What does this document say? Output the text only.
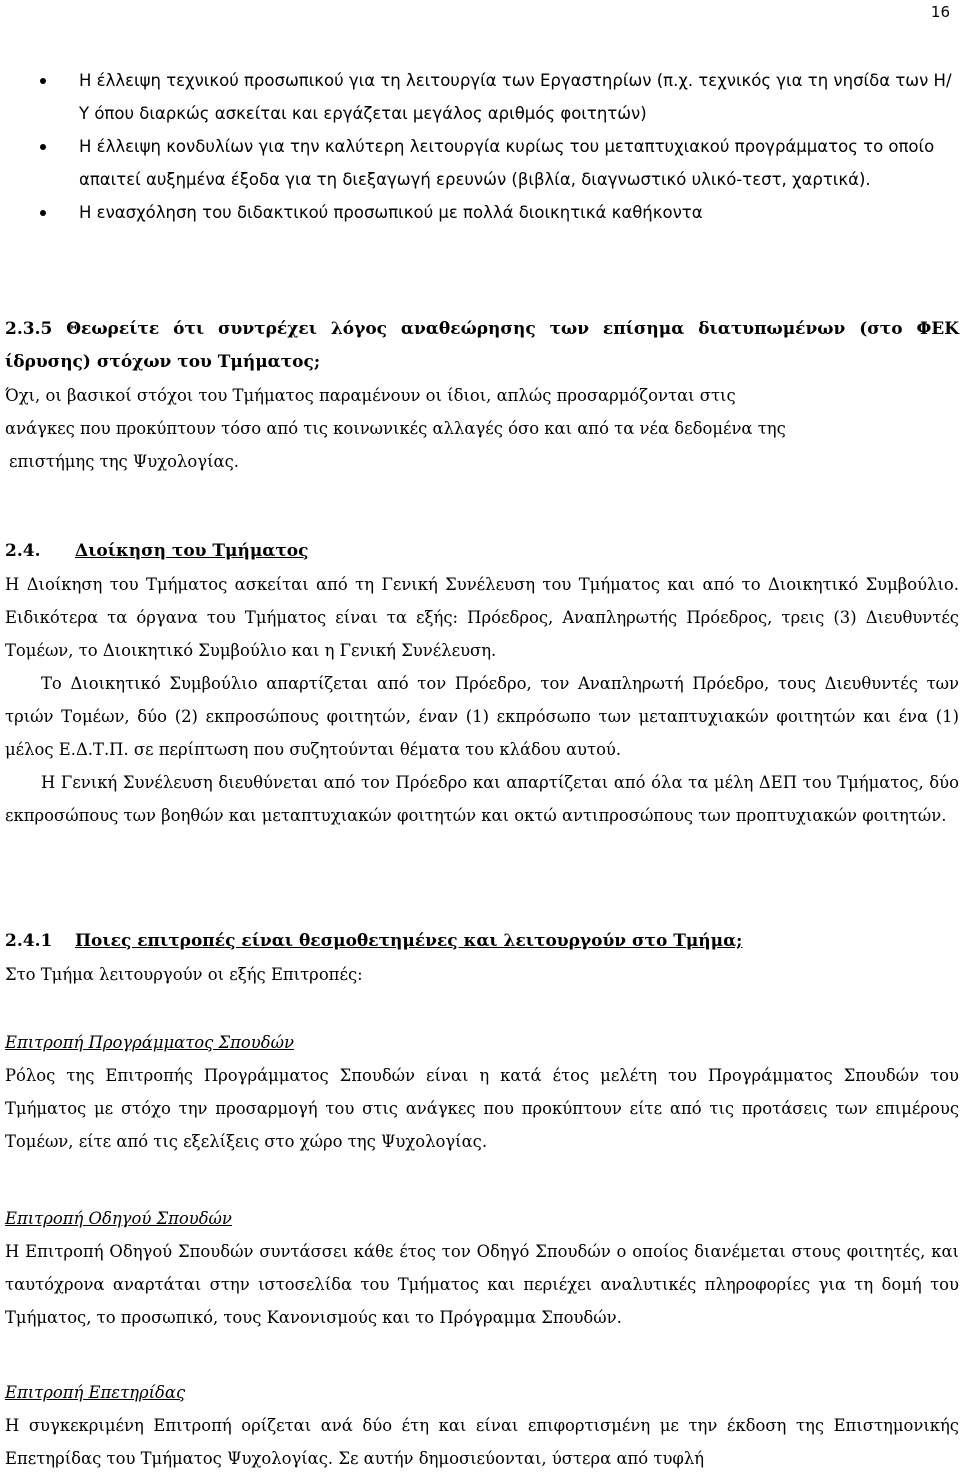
16
Η έλλειψη τεχνικού προσωπικού για τη λειτουργία των Εργαστηρίων (π.χ. τεχνικός για τη νησίδα των Η/Υ όπου διαρκώς ασκείται και εργάζεται μεγάλος αριθμός φοιτητών)
Η έλλειψη κονδυλίων για την καλύτερη λειτουργία κυρίως του μεταπτυχιακού προγράμματος το οποίο απαιτεί αυξημένα έξοδα για τη διεξαγωγή ερευνών (βιβλία, διαγνωστικό υλικό-τεστ, χαρτικά).
Η ενασχόληση του διδακτικού προσωπικού με πολλά διοικητικά καθήκοντα
2.3.5 Θεωρείτε ότι συντρέχει λόγος αναθεώρησης των επίσημα διατυπωμένων (στο ΦΕΚ ίδρυσης) στόχων του Τμήματος;
Όχι, οι βασικοί στόχοι του Τμήματος παραμένουν οι ίδιοι, απλώς προσαρμόζονται στις
ανάγκες που προκύπτουν τόσο από τις κοινωνικές αλλαγές όσο και από τα νέα δεδομένα της
επιστήμης της Ψυχολογίας.
2.4. Διοίκηση του Τμήματος
Η Διοίκηση του Τμήματος ασκείται από τη Γενική Συνέλευση του Τμήματος και από το Διοικητικό Συμβούλιο. Ειδικότερα τα όργανα του Τμήματος είναι τα εξής: Πρόεδρος, Αναπληρωτής Πρόεδρος, τρεις (3) Διευθυντές Τομέων, το Διοικητικό Συμβούλιο και η Γενική Συνέλευση.
Το Διοικητικό Συμβούλιο απαρτίζεται από τον Πρόεδρο, τον Αναπληρωτή Πρόεδρο, τους Διευθυντές των τριών Τομέων, δύο (2) εκπροσώπους φοιτητών, έναν (1) εκπρόσωπο των μεταπτυχιακών φοιτητών και ένα (1) μέλος Ε.Δ.Τ.Π. σε περίπτωση που συζητούνται θέματα του κλάδου αυτού.
Η Γενική Συνέλευση διευθύνεται από τον Πρόεδρο και απαρτίζεται από όλα τα μέλη ΔΕΠ του Τμήματος, δύο εκπροσώπους των βοηθών και μεταπτυχιακών φοιτητών και οκτώ αντιπροσώπους των προπτυχιακών φοιτητών.
2.4.1 Ποιες επιτροπές είναι θεσμοθετημένες και λειτουργούν στο Τμήμα;
Στο Τμήμα λειτουργούν οι εξής Επιτροπές:
Επιτροπή Προγράμματος Σπουδών
Ρόλος της Επιτροπής Προγράμματος Σπουδών είναι η κατά έτος μελέτη του Προγράμματος Σπουδών του Τμήματος με στόχο την προσαρμογή του στις ανάγκες που προκύπτουν είτε από τις προτάσεις των επιμέρους Τομέων, είτε από τις εξελίξεις στο χώρο της Ψυχολογίας.
Επιτροπή Οδηγού Σπουδών
Η Επιτροπή Οδηγού Σπουδών συντάσσει κάθε έτος τον Οδηγό Σπουδών ο οποίος διανέμεται στους φοιτητές, και ταυτόχρονα αναρτάται στην ιστοσελίδα του Τμήματος και περιέχει αναλυτικές πληροφορίες για τη δομή του Τμήματος, το προσωπικό, τους Κανονισμούς και το Πρόγραμμα Σπουδών.
Επιτροπή Επετηρίδας
Η συγκεκριμένη Επιτροπή ορίζεται ανά δύο έτη και είναι επιφορτισμένη με την έκδοση της Επιστημονικής Επετηρίδας του Τμήματος Ψυχολογίας. Σε αυτήν δημοσιεύονται, ύστερα από τυφλή
